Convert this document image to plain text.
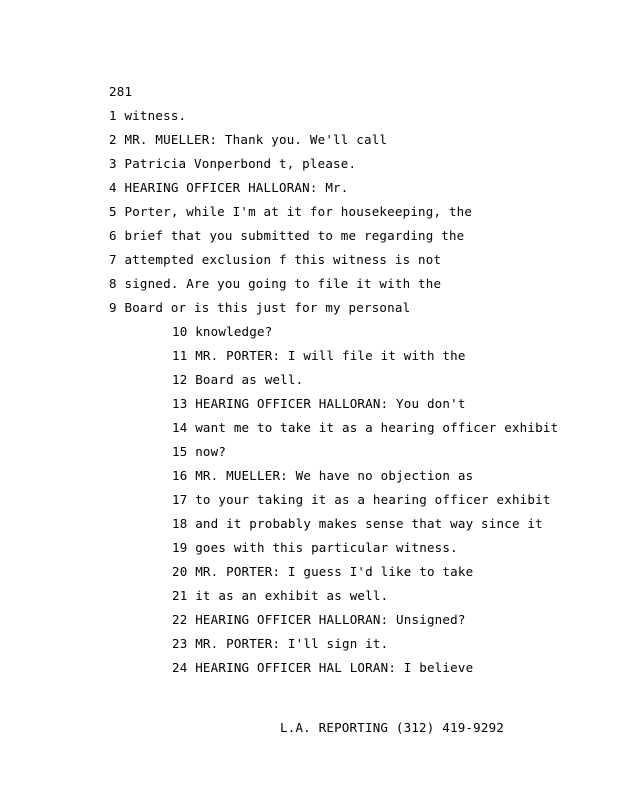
281
1 witness.
2 MR. MUELLER: Thank you. We'll call
3 Patricia Vonperbond t, please.
4 HEARING OFFICER HALLORAN: Mr.
5 Porter, while I'm at it for housekeeping, the
6 brief that you submitted to me regarding the
7 attempted exclusion f this witness is not
8 signed. Are you going to file it with the
9 Board or is this just for my personal
10 knowledge?
11 MR. PORTER: I will file it with the
12 Board as well.
13 HEARING OFFICER HALLORAN: You don't
14 want me to take it as a hearing officer exhibit
15 now?
16 MR. MUELLER: We have no objection as
17 to your taking it as a hearing officer exhibit
18 and it probably makes sense that way since it
19 goes with this particular witness.
20 MR. PORTER: I guess I'd like to take
21 it as an exhibit as well.
22 HEARING OFFICER HALLORAN: Unsigned?
23 MR. PORTER: I'll sign it.
24 HEARING OFFICER HAL LORAN: I believe
L.A. REPORTING (312) 419-9292
